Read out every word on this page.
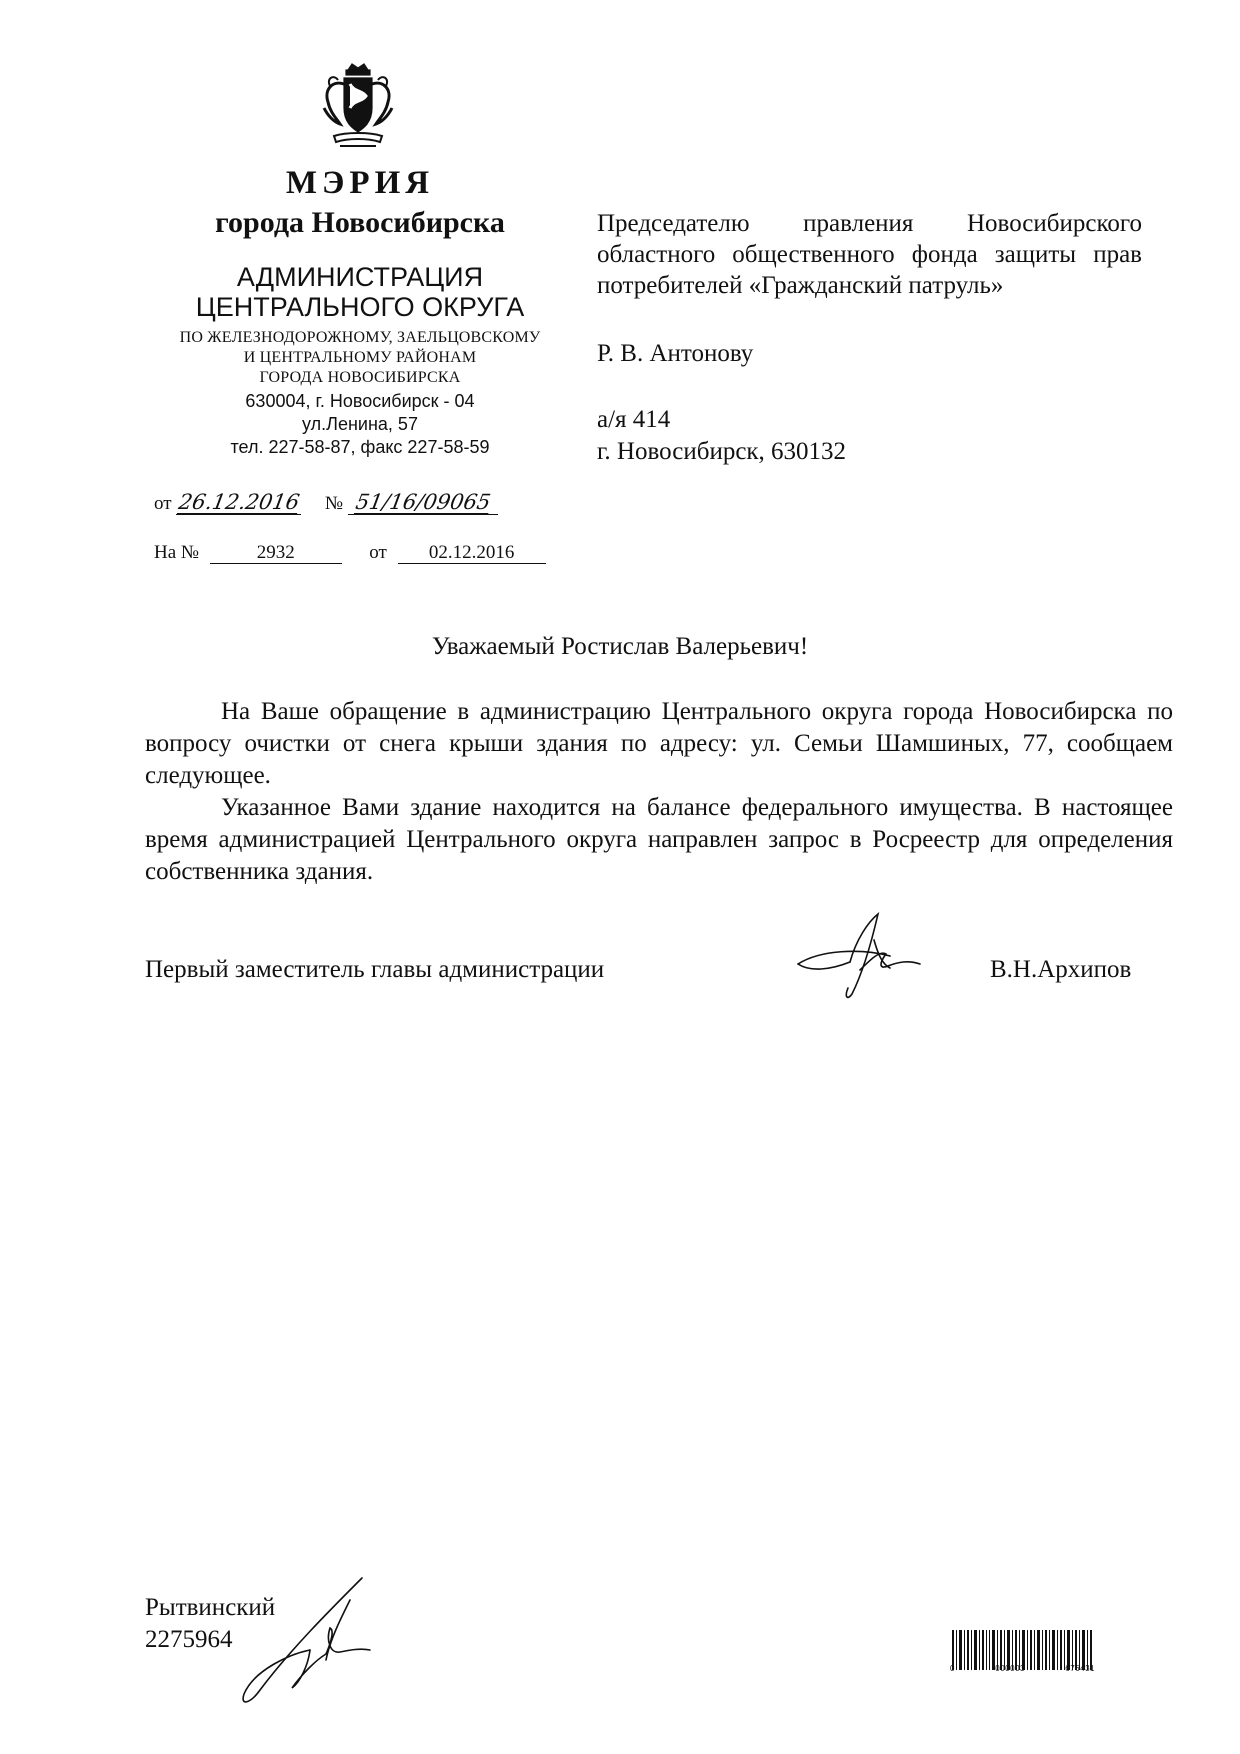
МЭРИЯ
города Новосибирска
АДМИНИСТРАЦИЯ
ЦЕНТРАЛЬНОГО ОКРУГА
ПО ЖЕЛЕЗНОДОРОЖНОМУ, ЗАЕЛЬЦОВСКОМУ
И ЦЕНТРАЛЬНОМУ РАЙОНАМ
ГОРОДА НОВОСИБИРСКА
630004, г. Новосибирск - 04
ул.Ленина, 57
тел. 227-58-87, факс 227-58-59
от 26.12.2016 № 51/16/09065
На №	2932	от 02.12.2016

Председателю правления Новосибирского областного общественного фонда защиты прав потребителей «Гражданский патруль»

Р. В. Антонову
а/я 414
г. Новосибирск, 630132
Уважаемый Ростислав Валерьевич!

На Ваше обращение в администрацию Центрального округа города Новосибирска по вопросу очистки от снега крыши здания по адресу: ул. Семьи Шамшиных, 77, сообщаем следующее.

Указанное Вами здание находится на балансе федерального имущества. В настоящее время администрацией Центрального округа направлен запрос в Росреестр для определения собственника здания.

Первый заместитель главы администрации	В.Н.Архипов
Рытвинский
2275964
0	000003	676431
